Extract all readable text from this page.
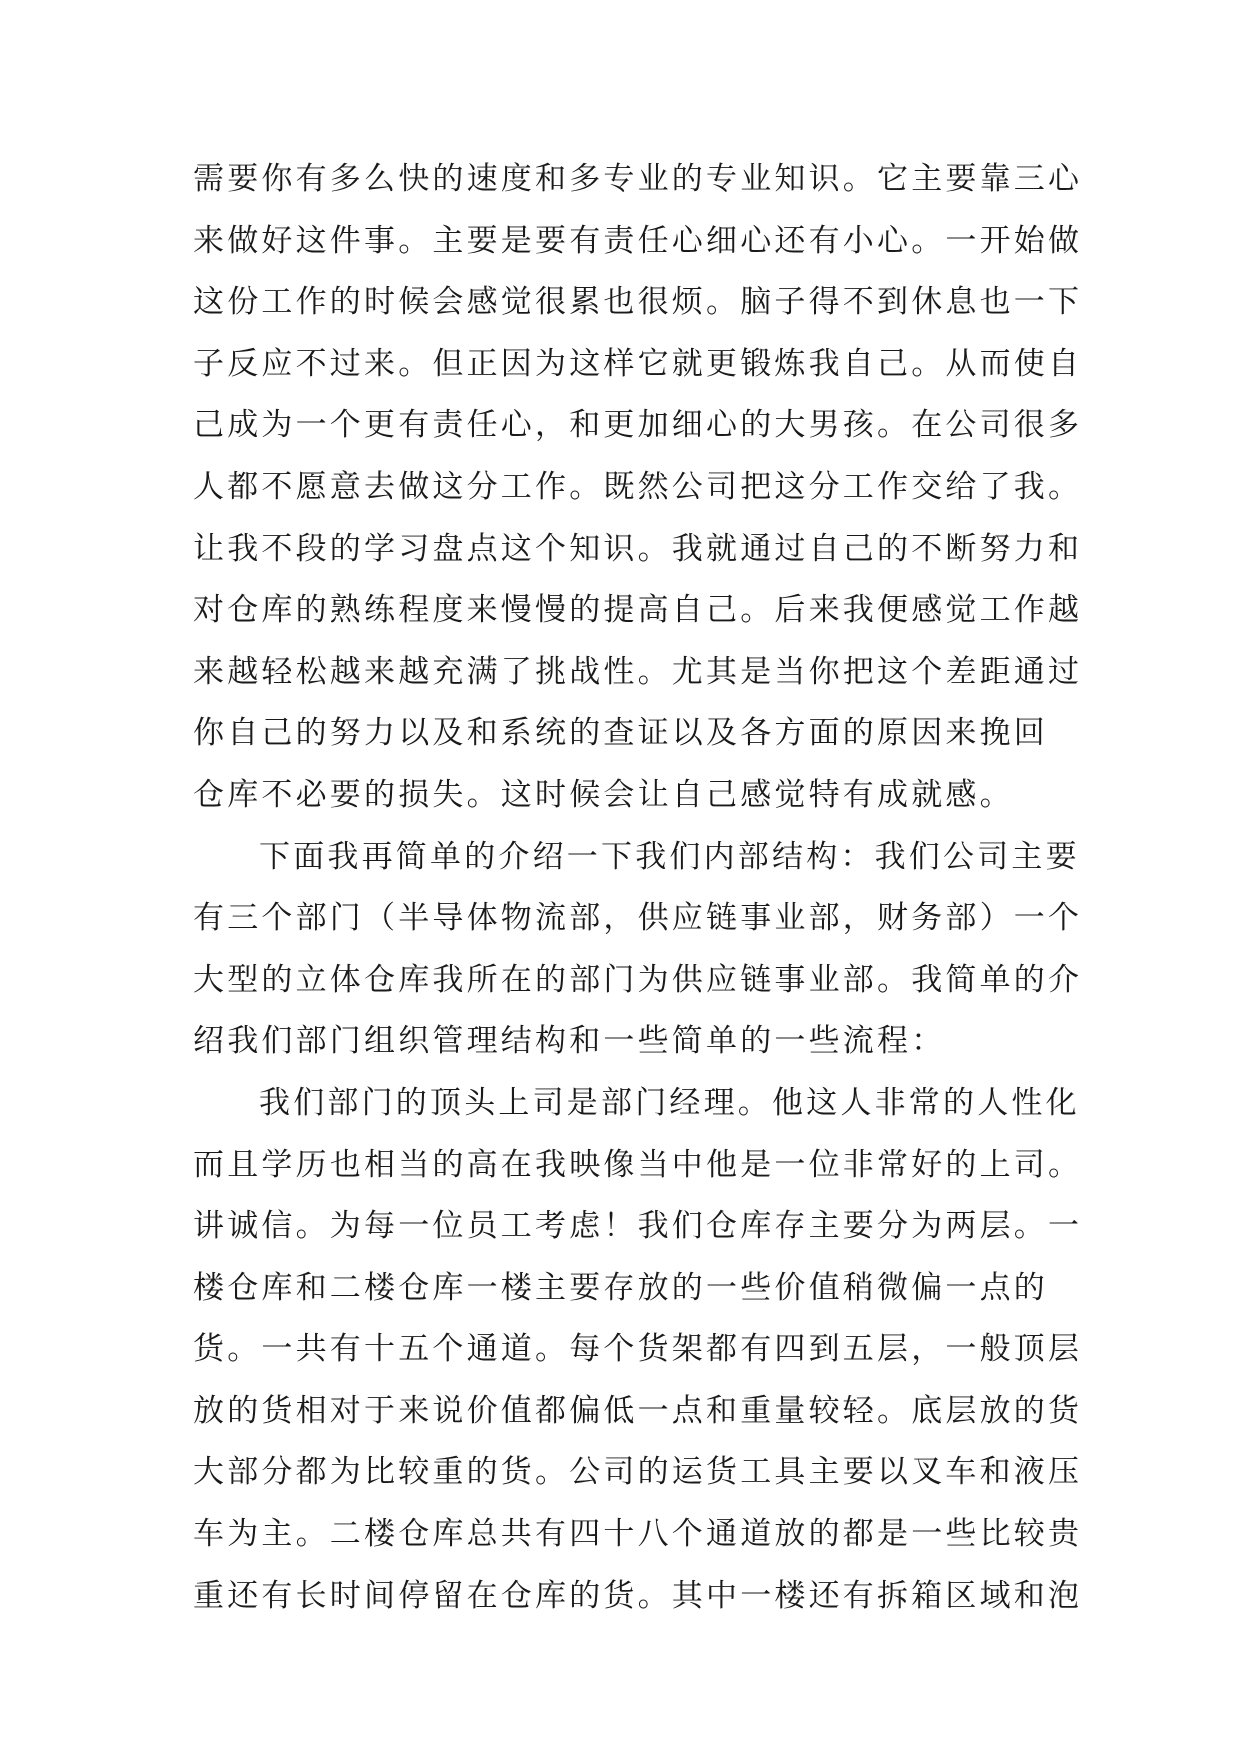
需要你有多么快的速度和多专业的专业知识。它主要靠三心
来做好这件事。主要是要有责任心细心还有小心。一开始做
这份工作的时候会感觉很累也很烦。脑子得不到休息也一下
子反应不过来。但正因为这样它就更锻炼我自己。从而使自
己成为一个更有责任心，和更加细心的大男孩。在公司很多
人都不愿意去做这分工作。既然公司把这分工作交给了我。
让我不段的学习盘点这个知识。我就通过自己的不断努力和
对仓库的熟练程度来慢慢的提高自己。后来我便感觉工作越
来越轻松越来越充满了挑战性。尤其是当你把这个差距通过
你自己的努力以及和系统的查证以及各方面的原因来挽回
仓库不必要的损失。这时候会让自己感觉特有成就感。
下面我再简单的介绍一下我们内部结构：我们公司主要
有三个部门（半导体物流部，供应链事业部，财务部）一个
大型的立体仓库我所在的部门为供应链事业部。我简单的介
绍我们部门组织管理结构和一些简单的一些流程：
我们部门的顶头上司是部门经理。他这人非常的人性化
而且学历也相当的高在我映像当中他是一位非常好的上司。
讲诚信。为每一位员工考虑！我们仓库存主要分为两层。一
楼仓库和二楼仓库一楼主要存放的一些价值稍微偏一点的
货。一共有十五个通道。每个货架都有四到五层，一般顶层
放的货相对于来说价值都偏低一点和重量较轻。底层放的货
大部分都为比较重的货。公司的运货工具主要以叉车和液压
车为主。二楼仓库总共有四十八个通道放的都是一些比较贵
重还有长时间停留在仓库的货。其中一楼还有拆箱区域和泡
